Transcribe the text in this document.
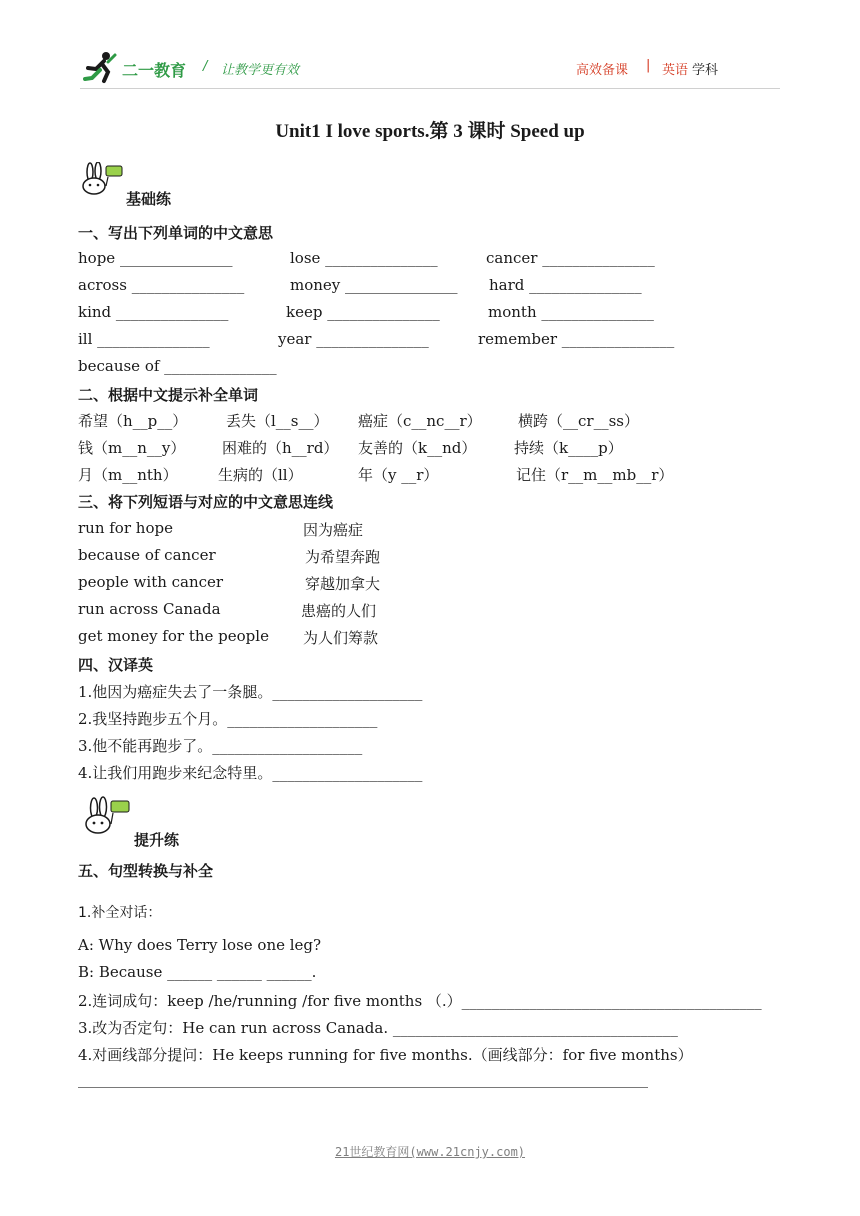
二一教育 / 让教学更有效	高效备课 | 英语 学科
Unit1 I love sports.第 3 课时 Speed up
基础练
一、写出下列单词的中文意思
hope _______________	lose _______________	cancer _______________
across _______________	money _______________ hard _______________
kind _______________	keep _______________	month _______________
ill _______________	year _______________	remember _______________
because of _______________
二、根据中文提示补全单词
希望（h__p__）	丢失（l__s__） 癌症（c__nc__r） 横跨（__cr__ss）
钱（m__n__y） 困难的（h__rd） 友善的（k__nd）	持续（k____p）
月（m__nth）	生病的（ll）	年（y __r）	记住（r__m__mb__r）
三、将下列短语与对应的中文意思连线
run for hope	因为癌症
because of cancer	为希望奔跑
people with cancer	穿越加拿大
run across Canada	患癌的人们
get money for the people 为人们筹款
四、汉译英
1.他因为癌症失去了一条腿。____________________
2.我坚持跑步五个月。____________________
3.他不能再跑步了。____________________
4.让我们用跑步来纪念特里。____________________
提升练
五、句型转换与补全
1.补全对话：
A: Why does Terry lose one leg?
B: Because ______ ______ ______.
2.连词成句：keep /he/running /for five months （.）________________________________________
3.改为否定句：He can run across Canada. ______________________________________
4.对画线部分提问：He keeps running for five months.（画线部分：for five months）
____________________________________________________________________________
21世纪教育网(www.21cnjy.com)
